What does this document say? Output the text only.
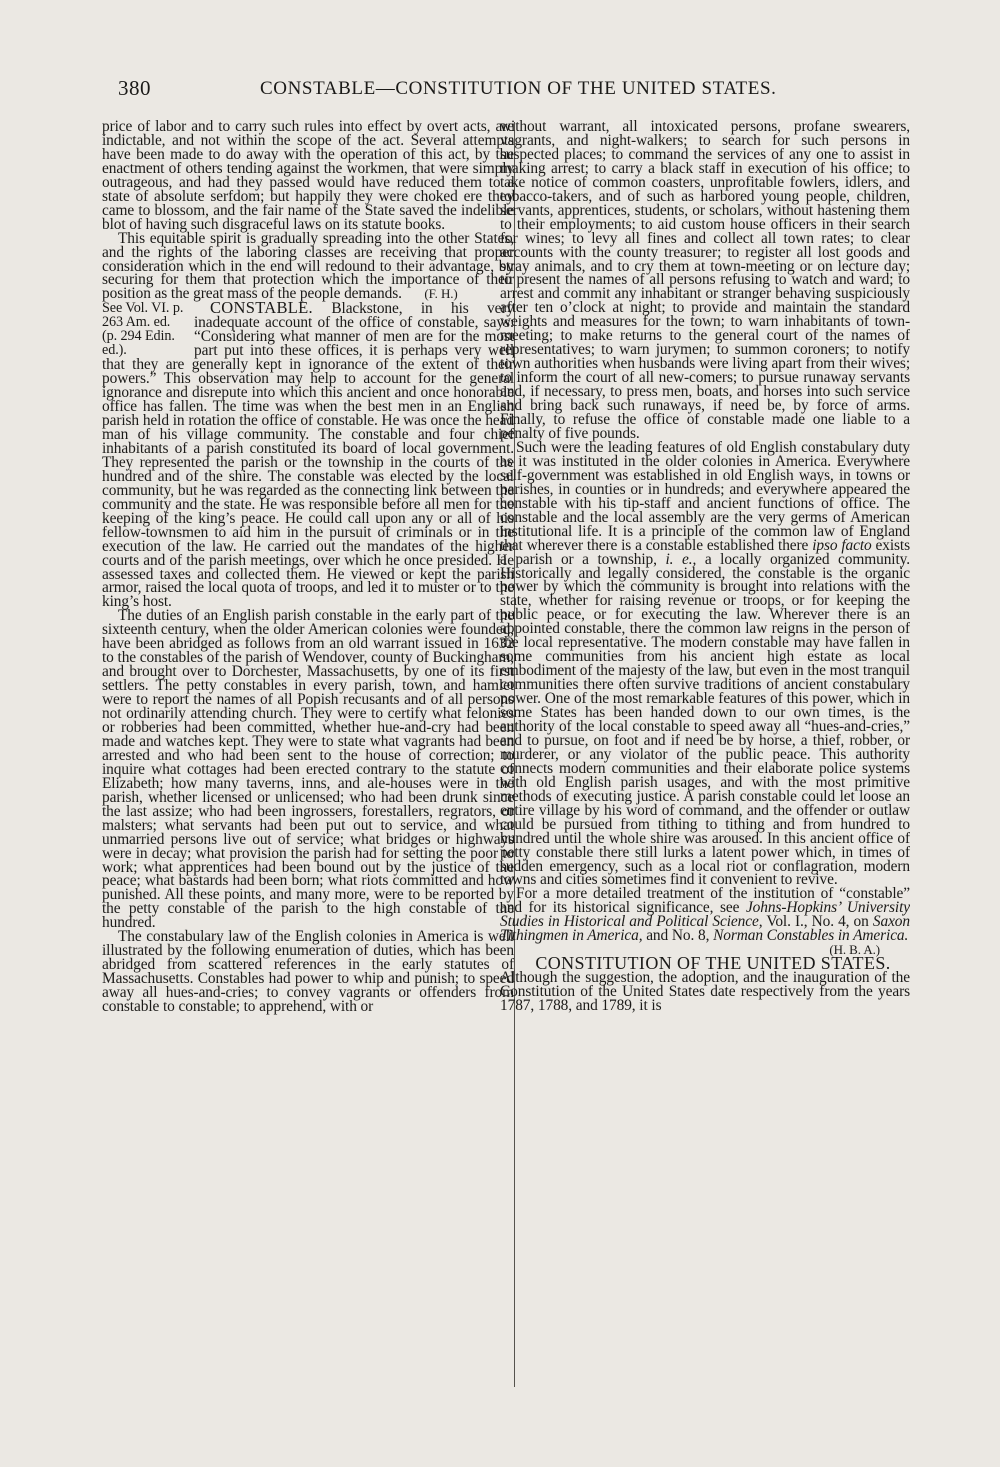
380	CONSTABLE—CONSTITUTION OF THE UNITED STATES.

price of labor and to carry such rules into effect by overt acts, are indictable, and not within the scope of the act. Several attempts have been made to do away with the operation of this act, by the enactment of others tending against the workmen, that were simply outrageous, and had they passed would have reduced them to a state of absolute serfdom; but happily they were choked ere they came to blossom, and the fair name of the State saved the indelible blot of having such disgraceful laws on its statute books.

This equitable spirit is gradually spreading into the other States, and the rights of the laboring classes are receiving that proper consideration which in the end will redound to their advantage, by securing for them that protection which the importance of their position as the great mass of the people demands. (F. H.)

See Vol. VI. p. 263 Am. ed. (p. 294 Edin. ed.).
CONSTABLE. Blackstone, in his very inadequate account of the office of constable, says: “Considering what manner of men are for the most part put into these offices, it is perhaps very well that they are generally kept in ignorance of the extent of their powers.” This observation may help to account for the general ignorance and disrepute into which this ancient and once honorable office has fallen. The time was when the best men in an English parish held in rotation the office of constable. He was once the head man of his village community. The constable and four chief inhabitants of a parish constituted its board of local government. They represented the parish or the township in the courts of the hundred and of the shire. The constable was elected by the local community, but he was regarded as the connecting link between the community and the state. He was responsible before all men for the keeping of the king’s peace. He could call upon any or all of his fellow-townsmen to aid him in the pursuit of criminals or in the execution of the law. He carried out the mandates of the higher courts and of the parish meetings, over which he once presided. He assessed taxes and collected them. He viewed or kept the parish armor, raised the local quota of troops, and led it to muster or to the king’s host.

The duties of an English parish constable in the early part of the sixteenth century, when the older American colonies were founded, have been abridged as follows from an old warrant issued in 1632 to the constables of the parish of Wendover, county of Buckingham, and brought over to Dorchester, Massachusetts, by one of its first settlers. The petty constables in every parish, town, and hamlet were to report the names of all Popish recusants and of all persons not ordinarily attending church. They were to certify what felonies or robberies had been committed, whether hue-and-cry had been made and watches kept. They were to state what vagrants had been arrested and who had been sent to the house of correction; to inquire what cottages had been erected contrary to the statute of Elizabeth; how many taverns, inns, and ale-houses were in the parish, whether licensed or unlicensed; who had been drunk since the last assize; who had been ingrossers, forestallers, regrators, or malsters; what servants had been put out to service, and what unmarried persons live out of service; what bridges or highways were in decay; what provision the parish had for setting the poor to work; what apprentices had been bound out by the justice of the peace; what bastards had been born; what riots committed and how punished. All these points, and many more, were to be reported by the petty constable of the parish to the high constable of the hundred.

The constabulary law of the English colonies in America is well illustrated by the following enumeration of duties, which has been abridged from scattered references in the early statutes of Massachusetts. Constables had power to whip and punish; to speed away all hues-and-cries; to convey vagrants or offenders from constable to constable; to apprehend, with or

without warrant, all intoxicated persons, profane swearers, vagrants, and night-walkers; to search for such persons in suspected places; to command the services of any one to assist in making arrest; to carry a black staff in execution of his office; to take notice of common coasters, unprofitable fowlers, idlers, and tobacco-takers, and of such as harbored young people, children, servants, apprentices, students, or scholars, without hastening them to their employments; to aid custom house officers in their search for wines; to levy all fines and collect all town rates; to clear accounts with the county treasurer; to register all lost goods and stray animals, and to cry them at town-meeting or on lecture day; to present the names of all persons refusing to watch and ward; to arrest and commit any inhabitant or stranger behaving suspiciously after ten o’clock at night; to provide and maintain the standard weights and measures for the town; to warn inhabitants of town-meeting; to make returns to the general court of the names of representatives; to warn jurymen; to summon coroners; to notify town authorities when husbands were living apart from their wives; to inform the court of all new-comers; to pursue runaway servants and, if necessary, to press men, boats, and horses into such service and bring back such runaways, if need be, by force of arms. Finally, to refuse the office of constable made one liable to a penalty of five pounds.

Such were the leading features of old English constabulary duty as it was instituted in the older colonies in America. Everywhere self-government was established in old English ways, in towns or parishes, in counties or in hundreds; and everywhere appeared the constable with his tip-staff and ancient functions of office. The constable and the local assembly are the very germs of American institutional life. It is a principle of the common law of England that wherever there is a constable established there ipso facto exists a parish or a township, i. e., a locally organized community. Historically and legally considered, the constable is the organic power by which the community is brought into relations with the state, whether for raising revenue or troops, or for keeping the public peace, or for executing the law. Wherever there is an appointed constable, there the common law reigns in the person of the local representative. The modern constable may have fallen in some communities from his ancient high estate as local embodiment of the majesty of the law, but even in the most tranquil communities there often survive traditions of ancient constabulary power. One of the most remarkable features of this power, which in some States has been handed down to our own times, is the authority of the local constable to speed away all “hues-and-cries,” and to pursue, on foot and if need be by horse, a thief, robber, or murderer, or any violator of the public peace. This authority connects modern communities and their elaborate police systems with old English parish usages, and with the most primitive methods of executing justice. A parish constable could let loose an entire village by his word of command, and the offender or outlaw could be pursued from tithing to tithing and from hundred to hundred until the whole shire was aroused. In this ancient office of petty constable there still lurks a latent power which, in times of sudden emergency, such as a local riot or conflagration, modern towns and cities sometimes find it convenient to revive.

For a more detailed treatment of the institution of “constable” and for its historical significance, see Johns-Hopkins’ University Studies in Historical and Political Science, Vol. I., No. 4, on Saxon Tithingmen in America, and No. 8, Norman Constables in America.

(H. B. A.)

CONSTITUTION OF THE UNITED STATES.

Although the suggestion, the adoption, and the inauguration of the Constitution of the United States date respectively from the years 1787, 1788, and 1789, it is
